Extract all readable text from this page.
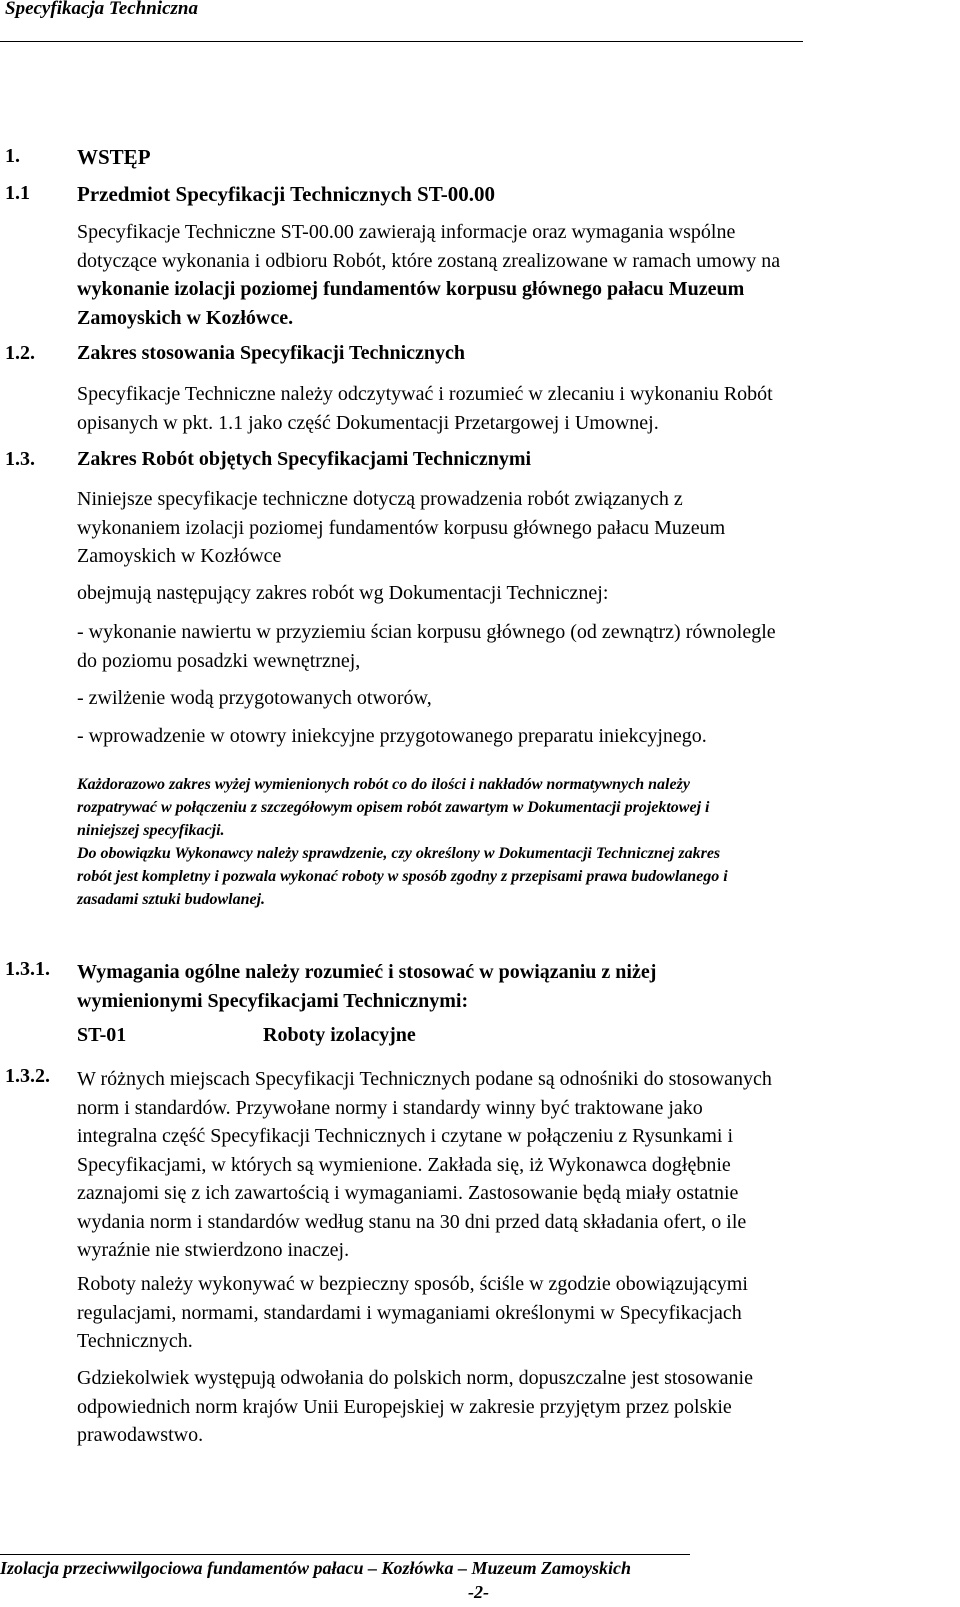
Specyfikacja Techniczna
1.	WSTĘP
1.1 Przedmiot Specyfikacji Technicznych ST-00.00
Specyfikacje Techniczne ST-00.00 zawierają informacje oraz wymagania wspólne
dotyczące wykonania i odbioru Robót, które zostaną zrealizowane w ramach umowy na
wykonanie izolacji poziomej fundamentów korpusu głównego pałacu Muzeum
Zamoyskich w Kozłówce.
1.2. Zakres stosowania Specyfikacji Technicznych
Specyfikacje Techniczne należy odczytywać i rozumieć w zlecaniu i wykonaniu Robót
opisanych w pkt. 1.1 jako część Dokumentacji Przetargowej i Umownej.
1.3. Zakres Robót objętych Specyfikacjami Technicznymi
Niniejsze specyfikacje techniczne dotyczą prowadzenia robót związanych z
wykonaniem izolacji poziomej fundamentów korpusu głównego pałacu Muzeum
Zamoyskich w Kozłówce
obejmują następujący zakres robót wg Dokumentacji Technicznej:
- wykonanie nawiertu w przyziemiu ścian korpusu głównego (od zewnątrz) równolegle
do poziomu posadzki wewnętrznej,
- zwilżenie wodą przygotowanych otworów,
- wprowadzenie w otowry iniekcyjne przygotowanego preparatu iniekcyjnego.
Każdorazowo zakres wyżej wymienionych robót co do ilości i nakładów normatywnych należy
rozpatrywać w połączeniu z szczegółowym opisem robót zawartym w Dokumentacji projektowej i
niniejszej specyfikacji.
Do obowiązku Wykonawcy należy sprawdzenie, czy określony w Dokumentacji Technicznej zakres
robót jest kompletny i pozwala wykonać roboty w sposób zgodny z przepisami prawa budowlanego i
zasadami sztuki budowlanej.
1.3.1. Wymagania ogólne należy rozumieć i stosować w powiązaniu z niżej
wymienionymi Specyfikacjami Technicznymi:
ST-01	Roboty izolacyjne
1.3.2. W różnych miejscach Specyfikacji Technicznych podane są odnośniki do stosowanych
norm i standardów. Przywołane normy i standardy winny być traktowane jako
integralna część Specyfikacji Technicznych i czytane w połączeniu z Rysunkami i
Specyfikacjami, w których są wymienione. Zakłada się, iż Wykonawca dogłębnie
zaznajomi się z ich zawartością i wymaganiami. Zastosowanie będą miały ostatnie
wydania norm i standardów według stanu na 30 dni przed datą składania ofert, o ile
wyraźnie nie stwierdzono inaczej.
Roboty należy wykonywać w bezpieczny sposób, ściśle w zgodzie obowiązującymi
regulacjami, normami, standardami i wymaganiami określonymi w Specyfikacjach
Technicznych.
Gdziekolwiek występują odwołania do polskich norm, dopuszczalne jest stosowanie
odpowiednich norm krajów Unii Europejskiej w zakresie przyjętym przez polskie
prawodawstwo.
Izolacja przeciwwilgociowa fundamentów pałacu – Kozłówka – Muzeum Zamoyskich
-2-
